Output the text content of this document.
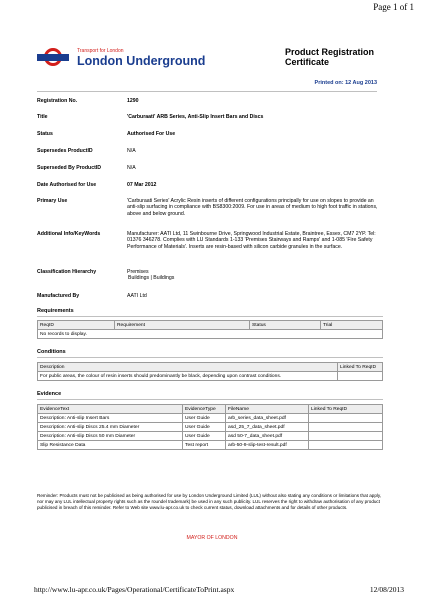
Page 1 of 1
Transport for London
London Underground
Product Registration
Certificate
Printed on: 12 Aug 2013
Registration No.	1290
Title	'Carburaati' ARB Series, Anti-Slip Insert Bars and Discs
Status	Authorised For Use
Supersedes ProductID	N/A
Superseded By ProductID	N/A
Date Authorised for Use	07 Mar 2012
Primary Use	'Carburaati Series' Acrylic Resin inserts of different configurations principally for use on slopes to provide an anti-slip surfacing in compliance with BS8300:2009. For use in areas of medium to high foot traffic in stations, above and below ground.
Additional Info/KeyWords	Manufacturer: AATI Ltd, 11 Swinbourne Drive, Springwood Industrial Estate, Braintree, Essex, CM7 2YP. Tel: 01376 346278. Complies with LU Standards 1-133 'Premises Stairways and Ramps' and 1-085 'Fire Safety Performance of Materials'. Inserts are resin-based with silicon carbide granules in the surface.
Classification Hierarchy	Premises
Buildings | Buildings
Manufactured By	AATI Ltd
Requirements
ReqID	Requirement	Status	Trial
No records to display.
Conditions
Description	Linked To ReqID
For public areas, the colour of resin inserts should predominantly be black, depending upon contrast conditions.	
Evidence
EvidenceText	EvidenceType	FileName	Linked To ReqID
Description: Anti-slip Insert Bars	User Guide	arb_series_data_sheet.pdf	
Description: Anti-slip Discs 25.4 mm Diameter	User Guide	asd_25_7_data_sheet.pdf	
Description: Anti-slip Discs 50 mm Diameter	User Guide	asd 50-7_data_sheet.pdf	
Slip Resistance Data	Test report	arb-50-9-slip-test-result.pdf	
Reminder: Products must not be publicised as being authorised for use by London Underground Limited (LUL) without also stating any conditions or limitations that apply, nor may any LUL intellectual property rights such as the roundel trademark) be used in any such publicity. LUL reserves the right to withdraw authorisation of any product publicised in breach of this reminder. Refer to Web site www.lu-apr.co.uk to check current status, download attachments and for details of other products.
MAYOR OF LONDON
http://www.lu-apr.co.uk/Pages/Operational/CertificateToPrint.aspx	12/08/2013
